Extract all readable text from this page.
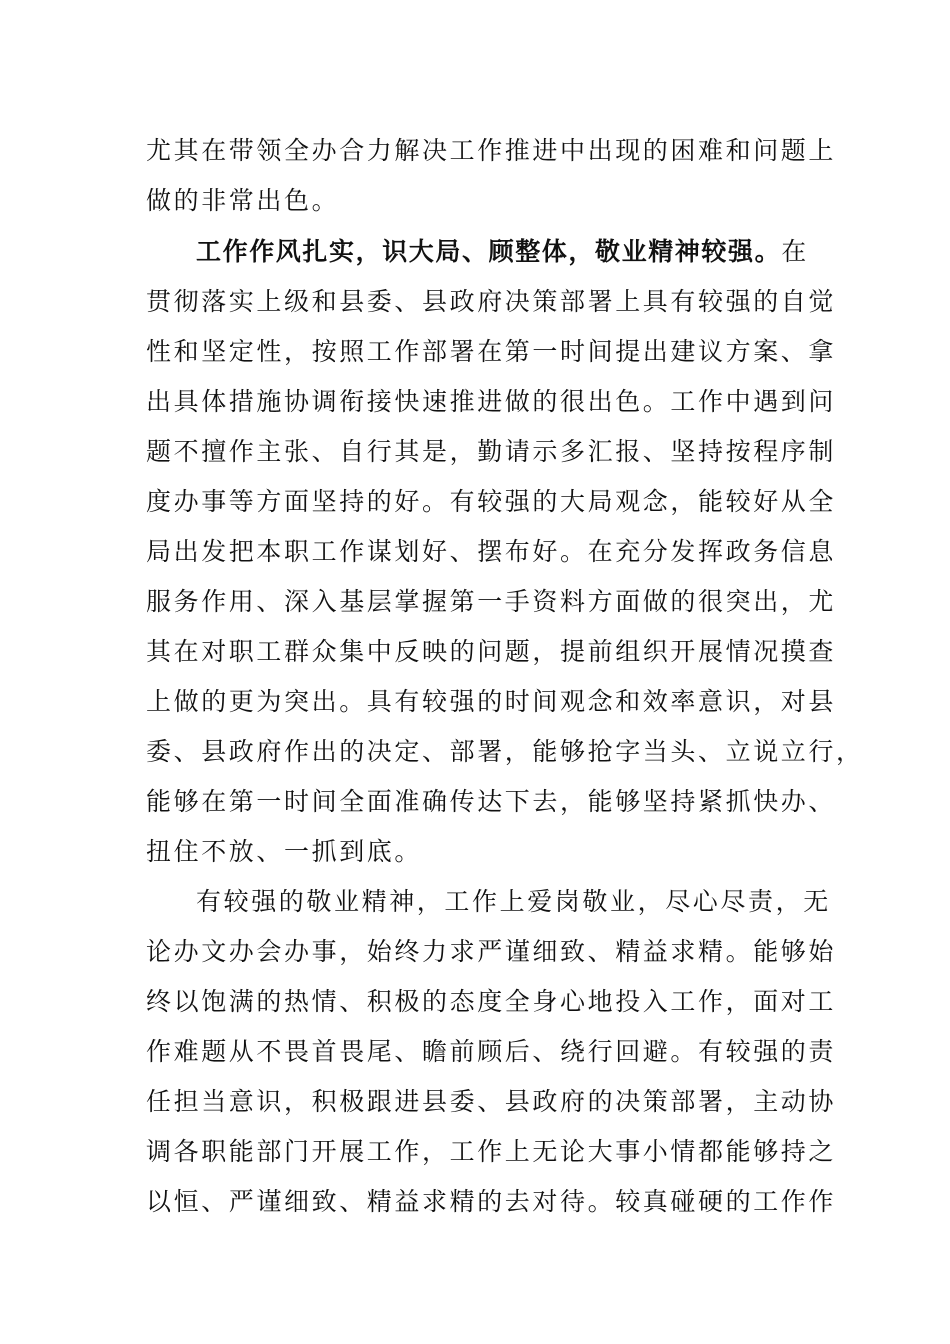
尤其在带领全办合力解决工作推进中出现的困难和问题上
做的非常出色。
工作作风扎实，识大局、顾整体，敬业精神较强。在
贯彻落实上级和县委、县政府决策部署上具有较强的自觉
性和坚定性，按照工作部署在第一时间提出建议方案、拿
出具体措施协调衔接快速推进做的很出色。工作中遇到问
题不擅作主张、自行其是，勤请示多汇报、坚持按程序制
度办事等方面坚持的好。有较强的大局观念，能较好从全
局出发把本职工作谋划好、摆布好。在充分发挥政务信息
服务作用、深入基层掌握第一手资料方面做的很突出，尤
其在对职工群众集中反映的问题，提前组织开展情况摸查
上做的更为突出。具有较强的时间观念和效率意识，对县
委、县政府作出的决定、部署，能够抢字当头、立说立行，
能够在第一时间全面准确传达下去，能够坚持紧抓快办、
扭住不放、一抓到底。
有较强的敬业精神，工作上爱岗敬业，尽心尽责，无
论办文办会办事，始终力求严谨细致、精益求精。能够始
终以饱满的热情、积极的态度全身心地投入工作，面对工
作难题从不畏首畏尾、瞻前顾后、绕行回避。有较强的责
任担当意识，积极跟进县委、县政府的决策部署，主动协
调各职能部门开展工作，工作上无论大事小情都能够持之
以恒、严谨细致、精益求精的去对待。较真碰硬的工作作
